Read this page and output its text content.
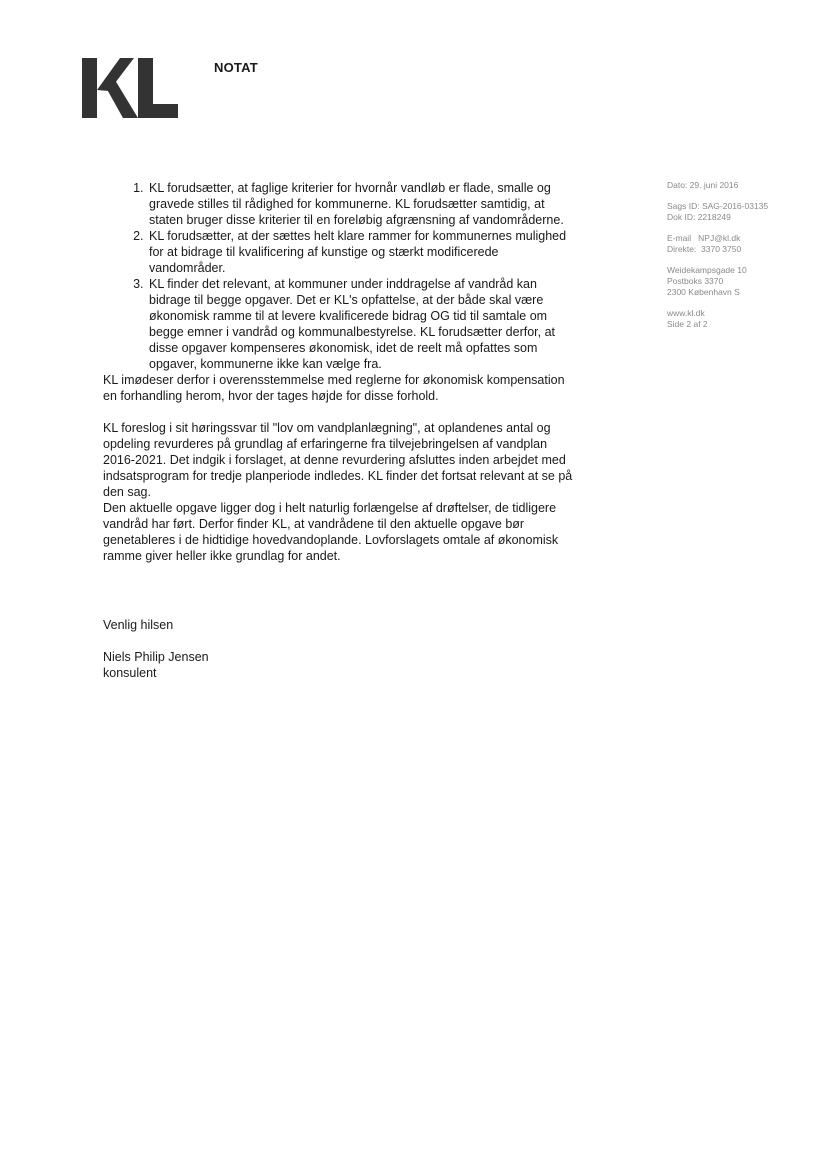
NOTAT
Dato: 29. juni 2016
Sags ID: SAG-2016-03135
Dok ID: 2218249
E-mail   NPJ@kl.dk
Direkte:  3370 3750
Weidekampsgade 10
Postboks 3370
2300 København S
www.kl.dk
Side 2 af 2
1. KL forudsætter, at faglige kriterier for hvornår vandløb er flade, smalle og gravede stilles til rådighed for kommunerne. KL forudsætter samtidig, at staten bruger disse kriterier til en foreløbig afgrænsning af vandområderne.
2. KL forudsætter, at der sættes helt klare rammer for kommunernes mulighed for at bidrage til kvalificering af kunstige og stærkt modificerede vandområder.
3. KL finder det relevant, at kommuner under inddragelse af vandråd kan bidrage til begge opgaver. Det er KL's opfattelse, at der både skal være økonomisk ramme til at levere kvalificerede bidrag OG tid til samtale om begge emner i vandråd og kommunalbestyrelse. KL forudsætter derfor, at disse opgaver kompenseres økonomisk, idet de reelt må opfattes som opgaver, kommunerne ikke kan vælge fra.

KL imødeser derfor i overensstemmelse med reglerne for økonomisk kompensation en forhandling herom, hvor der tages højde for disse forhold.

KL foreslog i sit høringssvar til "lov om vandplanlægning", at oplandenes antal og opdeling revurderes på grundlag af erfaringerne fra tilvejebringelsen af vandplan 2016-2021. Det indgik i forslaget, at denne revurdering afsluttes inden arbejdet med indsatsprogram for tredje planperiode indledes. KL finder det fortsat relevant at se på den sag.

Den aktuelle opgave ligger dog i helt naturlig forlængelse af drøftelser, de tidligere vandråd har ført. Derfor finder KL, at vandrådene til den aktuelle opgave bør genetableres i de hidtidige hovedvandoplande. Lovforslagets omtale af økonomisk ramme giver heller ikke grundlag for andet.

Venlig hilsen
Niels Philip Jensen
konsulent
